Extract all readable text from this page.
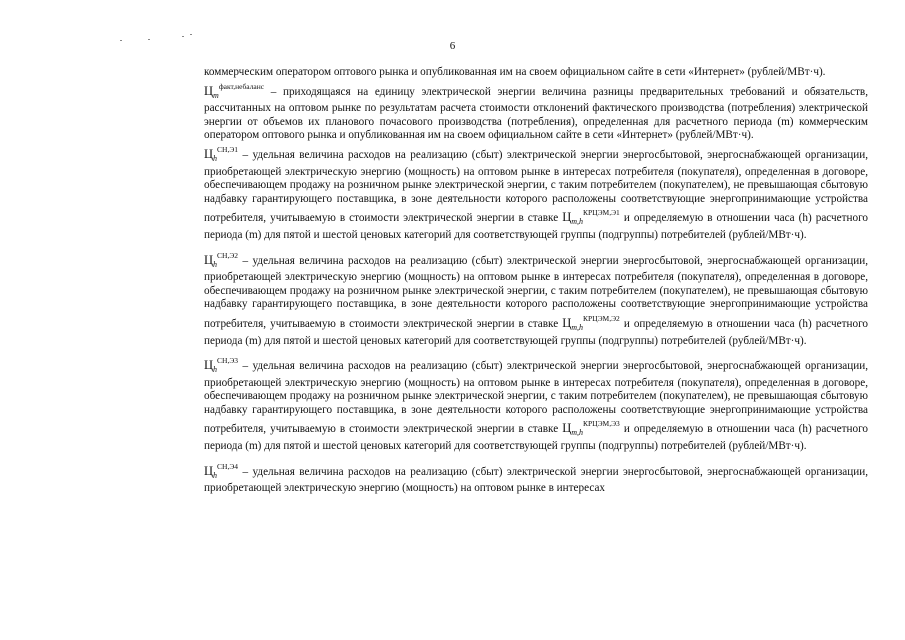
6

коммерческим оператором оптового рынка и опубликованная им на своем официальном сайте в сети «Интернет» (рублей/МВт·ч).

$Ц_m^{факт,небаланс}$ – приходящаяся на единицу электрической энергии величина разницы предварительных требований и обязательств, рассчитанных на оптовом рынке по результатам расчета стоимости отклонений фактического производства (потребления) электрической энергии от объемов их планового почасового производства (потребления), определенная для расчетного периода (m) коммерческим оператором оптового рынка и опубликованная им на своем официальном сайте в сети «Интернет» (рублей/МВт·ч).

$Ц_h^{СН,Э1}$ – удельная величина расходов на реализацию (сбыт) электрической энергии энергосбытовой, энергоснабжающей организации, приобретающей электрическую энергию (мощность) на оптовом рынке в интересах потребителя (покупателя), определенная в договоре, обеспечивающем продажу на розничном рынке электрической энергии, с таким потребителем (покупателем), не превышающая сбытовую надбавку гарантирующего поставщика, в зоне деятельности которого расположены соответствующие энергопринимающие устройства потребителя, учитываемую в стоимости электрической энергии в ставке $Ц_{m,h}^{КРЦЭМ,Э1}$ и определяемую в отношении часа (h) расчетного периода (m) для пятой и шестой ценовых категорий для соответствующей группы (подгруппы) потребителей (рублей/МВт·ч).

$Ц_h^{СН,Э2}$ – удельная величина расходов на реализацию (сбыт) электрической энергии энергосбытовой, энергоснабжающей организации, приобретающей электрическую энергию (мощность) на оптовом рынке в интересах потребителя (покупателя), определенная в договоре, обеспечивающем продажу на розничном рынке электрической энергии, с таким потребителем (покупателем), не превышающая сбытовую надбавку гарантирующего поставщика, в зоне деятельности которого расположены соответствующие энергопринимающие устройства потребителя, учитываемую в стоимости электрической энергии в ставке $Ц_{m,h}^{КРЦЭМ,Э2}$ и определяемую в отношении часа (h) расчетного периода (m) для пятой и шестой ценовых категорий для соответствующей группы (подгруппы) потребителей (рублей/МВт·ч).

$Ц_h^{СН,Э3}$ – удельная величина расходов на реализацию (сбыт) электрической энергии энергосбытовой, энергоснабжающей организации, приобретающей электрическую энергию (мощность) на оптовом рынке в интересах потребителя (покупателя), определенная в договоре, обеспечивающем продажу на розничном рынке электрической энергии, с таким потребителем (покупателем), не превышающая сбытовую надбавку гарантирующего поставщика, в зоне деятельности которого расположены соответствующие энергопринимающие устройства потребителя, учитываемую в стоимости электрической энергии в ставке $Ц_{m,h}^{КРЦЭМ,Э3}$ и определяемую в отношении часа (h) расчетного периода (m) для пятой и шестой ценовых категорий для соответствующей группы (подгруппы) потребителей (рублей/МВт·ч).

$Ц_h^{СН,Э4}$ – удельная величина расходов на реализацию (сбыт) электрической энергии энергосбытовой, энергоснабжающей организации, приобретающей электрическую энергию (мощность) на оптовом рынке в интересах
